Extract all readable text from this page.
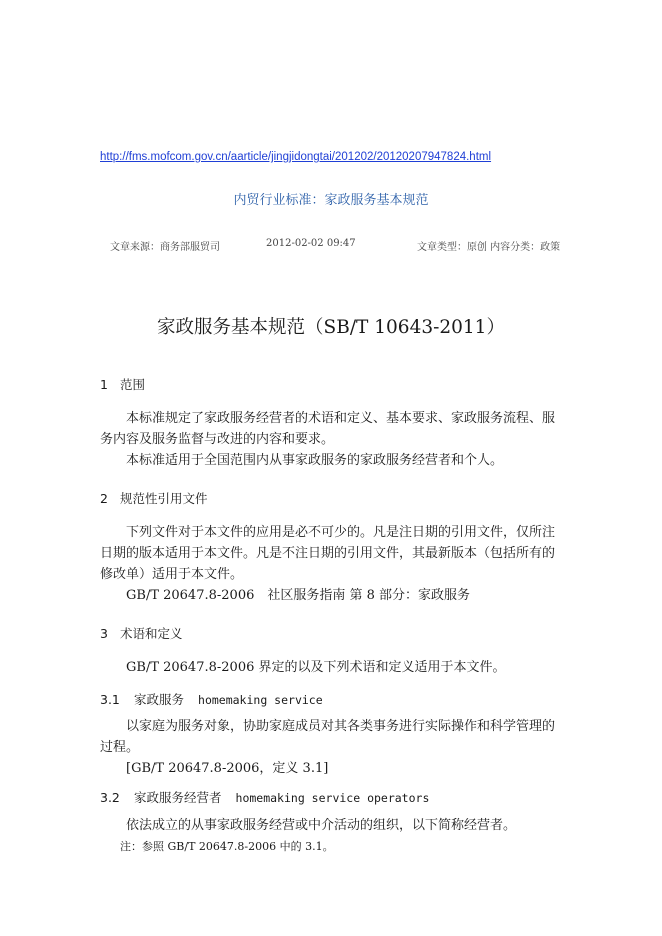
http://fms.mofcom.gov.cn/aarticle/jingjidongtai/201202/20120207947824.html
内贸行业标准：家政服务基本规范
文章来源：商务部服贸司	2012-02-02 09:47	文章类型：原创 内容分类：政策
家政服务基本规范（SB/T 10643-2011）
1 范围
本标准规定了家政服务经营者的术语和定义、基本要求、家政服务流程、服
务内容及服务监督与改进的内容和要求。
本标准适用于全国范围内从事家政服务的家政服务经营者和个人。
2 规范性引用文件
下列文件对于本文件的应用是必不可少的。凡是注日期的引用文件，仅所注
日期的版本适用于本文件。凡是不注日期的引用文件，其最新版本（包括所有的
修改单）适用于本文件。
GB/T 20647.8-2006　社区服务指南 第 8 部分：家政服务
3 术语和定义
GB/T 20647.8-2006 界定的以及下列术语和定义适用于本文件。
3.1 家政服务 homemaking service
以家庭为服务对象，协助家庭成员对其各类事务进行实际操作和科学管理的
过程。
[GB/T 20647.8-2006，定义 3.1]
3.2 家政服务经营者 homemaking service operators
依法成立的从事家政服务经营或中介活动的组织，以下简称经营者。
注：参照 GB/T 20647.8-2006 中的 3.1。
